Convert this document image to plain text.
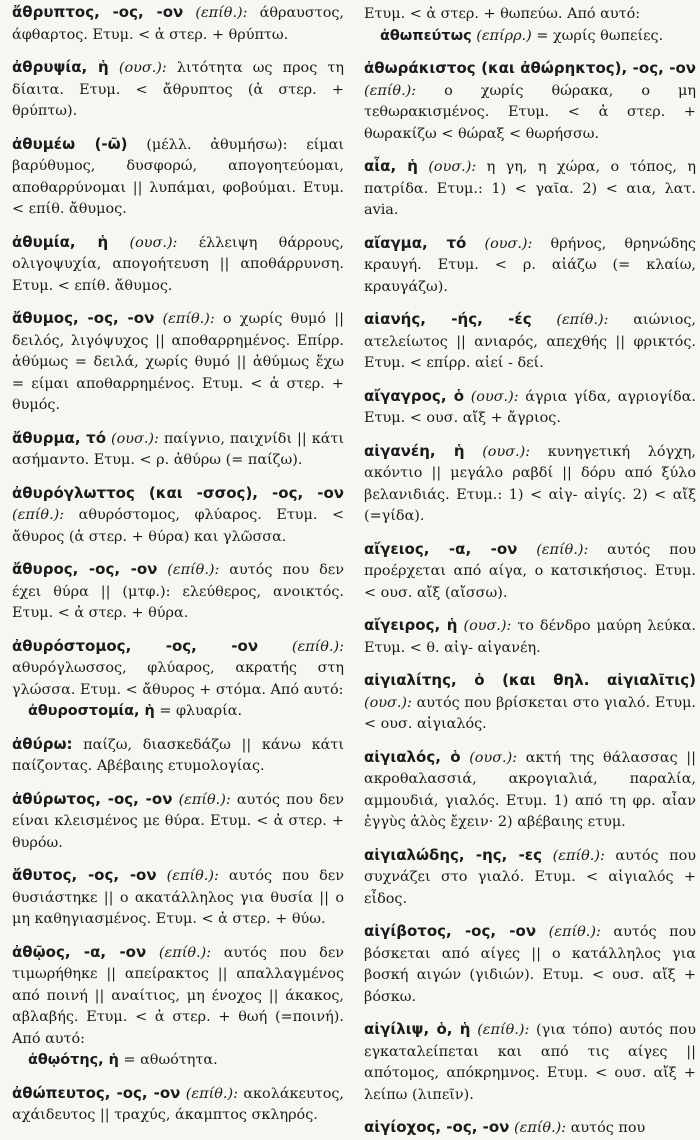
ἄθρυπτος, -ος, -ον (επίθ.): άθραυστος, άφθαρτος. Ετυμ. < ἀ στερ. + θρύπτω.

ἀθρυψία, ἡ (ουσ.): λιτότητα ως προς τη δίαιτα. Ετυμ. < ἄθρυπτος (ἀ στερ. + θρύπτω).

ἀθυμέω (-ῶ) (μέλλ. ἀθυμήσω): είμαι βαρύθυμος, δυσφορώ, απογοητεύομαι, αποθαρρύνομαι || λυπάμαι, φοβούμαι. Ετυμ. < επίθ. ἄθυμος.

ἀθυμία, ἡ (ουσ.): έλλειψη θάρρους, ολιγοψυχία, απογοήτευση || αποθάρρυνση. Ετυμ. < επίθ. ἄθυμος.

ἄθυμος, -ος, -ον (επίθ.): ο χωρίς θυμό || δειλός, λιγόψυχος || αποθαρρημένος. Επίρρ. ἀθύμως = δειλά, χωρίς θυμό || ἀθύμως ἔχω = είμαι αποθαρρημένος. Ετυμ. < ἀ στερ. + θυμός.

ἄθυρμα, τό (ουσ.): παίγνιο, παιχνίδι || κάτι ασήμαντο. Ετυμ. < ρ. ἀθύρω (= παίζω).

ἀθυρόγλωττος (και -σσος), -ος, -ον (επίθ.): αθυρόστομος, φλύαρος. Ετυμ. < ἄθυρος (ἀ στερ. + θύρα) και γλῶσσα.

ἄθυρος, -ος, -ον (επίθ.): αυτός που δεν έχει θύρα || (μτφ.): ελεύθερος, ανοικτός. Ετυμ. < ἀ στερ. + θύρα.

ἀθυρόστομος, -ος, -ον (επίθ.): αθυρόγλωσσος, φλύαρος, ακρατής στη γλώσσα. Ετυμ. < ἄθυρος + στόμα. Από αυτό:
ἀθυροστομία, ἡ = φλυαρία.

ἀθύρω: παίζω, διασκεδάζω || κάνω κάτι παίζοντας. Αβέβαιης ετυμολογίας.

ἀθύρωτος, -ος, -ον (επίθ.): αυτός που δεν είναι κλεισμένος με θύρα. Ετυμ. < ἀ στερ. + θυρόω.

ἄθυτος, -ος, -ον (επίθ.): αυτός που δεν θυσιάστηκε || ο ακατάλληλος για θυσία || ο μη καθηγιασμένος. Ετυμ. < ἀ στερ. + θύω.

ἀθῷος, -α, -ον (επίθ.): αυτός που δεν τιμωρήθηκε || απείρακτος || απαλλαγμένος από ποινή || αναίτιος, μη ένοχος || άκακος, αβλαβής. Ετυμ. < ἀ στερ. + θωή (=ποινή). Από αυτό:
ἀθῳότης, ἡ = αθωότητα.

ἀθώπευτος, -ος, -ον (επίθ.): ακολάκευτος, αχάιδευτος || τραχύς, άκαμπτος σκληρός.

Ετυμ. < ἀ στερ. + θωπεύω. Από αυτό:
ἀθωπεύτως (επίρρ.) = χωρίς θωπείες.

ἀθωράκιστος (και ἀθώρηκτος), -ος, -ον (επίθ.): ο χωρίς θώρακα, ο μη τεθωρακισμένος. Ετυμ. < ἀ στερ. + θωρακίζω < θώραξ < θωρήσσω.

αἶα, ἡ (ουσ.): η γη, η χώρα, ο τόπος, η πατρίδα. Ετυμ.: 1) < γαῖα. 2) < αια, λατ. avia.

αἴαγμα, τό (ουσ.): θρήνος, θρηνώδης κραυγή. Ετυμ. < ρ. αἰάζω (= κλαίω, κραυγάζω).

αἰανής, -ής, -ές (επίθ.): αιώνιος, ατελείωτος || ανιαρός, απεχθής || φρικτός. Ετυμ. < επίρρ. αἰεί - δεί.

αἴγαγρος, ὁ (ουσ.): άγρια γίδα, αγριογίδα. Ετυμ. < ουσ. αἴξ + ἄγριος.

αἰγανέη, ἡ (ουσ.): κυνηγετική λόγχη, ακόντιο || μεγάλο ραβδί || δόρυ από ξύλο βελανιδιάς. Ετυμ.: 1) < αἰγ- αἰγίς. 2) < αἴξ (=γίδα).

αἴγειος, -α, -ον (επίθ.): αυτός που προέρχεται από αίγα, ο κατσικήσιος. Ετυμ. < ουσ. αἴξ (αἴσσω).

αἴγειρος, ἡ (ουσ.): το δένδρο μαύρη λεύκα. Ετυμ. < θ. αἰγ- αἰγανέη.

αἰγιαλίτης, ὁ (και θηλ. αἰγιαλῖτις) (ουσ.): αυτός που βρίσκεται στο γιαλό. Ετυμ. < ουσ. αἰγιαλός.

αἰγιαλός, ὁ (ουσ.): ακτή της θάλασσας || ακροθαλασσιά, ακρογιαλιά, παραλία, αμμουδιά, γιαλός. Ετυμ. 1) από τη φρ. αἶαν ἐγγὺς ἁλὸς ἔχειν· 2) αβέβαιης ετυμ.

αἰγιαλώδης, -ης, -ες (επίθ.): αυτός που συχνάζει στο γιαλό. Ετυμ. < αἰγιαλός + εἶδος.

αἰγίβοτος, -ος, -ον (επίθ.): αυτός που βόσκεται από αίγες || ο κατάλληλος για βοσκή αιγών (γιδιών). Ετυμ. < ουσ. αἴξ + βόσκω.

αἰγίλιψ, ὁ, ἡ (επίθ.): (για τόπο) αυτός που εγκαταλείπεται και από τις αίγες || απότομος, απόκρημνος. Ετυμ. < ουσ. αἴξ + λείπω (λιπεῖν).

αἰγίοχος, -ος, -ον (επίθ.): αυτός που
